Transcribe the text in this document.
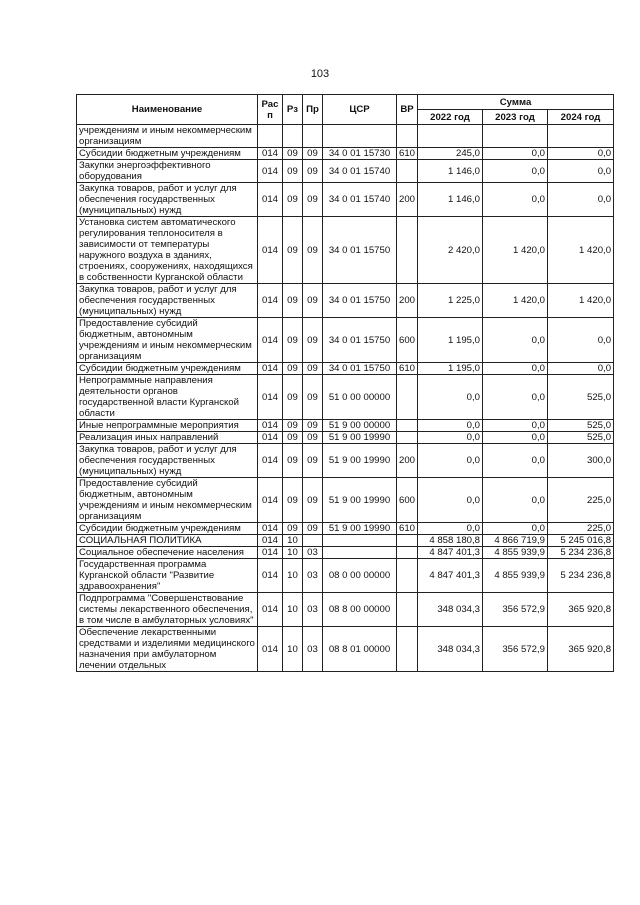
103
Наименование	Рас п	Рз	Пр	ЦСР	ВР	Сумма		
						2022 год	2023 год	2024 год
учреждениям и иным некоммерческим организациям								
Субсидии бюджетным учреждениям	014	09	09	34 0 01 15730	610	245,0	0,0	0,0
Закупки энергоэффективного оборудования	014	09	09	34 0 01 15740		1 146,0	0,0	0,0
Закупка товаров, работ и услуг для обеспечения государственных (муниципальных) нужд	014	09	09	34 0 01 15740	200	1 146,0	0,0	0,0
Установка систем автоматического регулирования теплоносителя в зависимости от температуры наружного воздуха в зданиях, строениях, сооружениях, находящихся в собственности Курганской области	014	09	09	34 0 01 15750		2 420,0	1 420,0	1 420,0
Закупка товаров, работ и услуг для обеспечения государственных (муниципальных) нужд	014	09	09	34 0 01 15750	200	1 225,0	1 420,0	1 420,0
Предоставление субсидий бюджетным, автономным учреждениям и иным некоммерческим организациям	014	09	09	34 0 01 15750	600	1 195,0	0,0	0,0
Субсидии бюджетным учреждениям	014	09	09	34 0 01 15750	610	1 195,0	0,0	0,0
Непрограммные направления деятельности органов государственной власти Курганской области	014	09	09	51 0 00 00000		0,0	0,0	525,0
Иные непрограммные мероприятия	014	09	09	51 9 00 00000		0,0	0,0	525,0
Реализация иных направлений	014	09	09	51 9 00 19990		0,0	0,0	525,0
Закупка товаров, работ и услуг для обеспечения государственных (муниципальных) нужд	014	09	09	51 9 00 19990	200	0,0	0,0	300,0
Предоставление субсидий бюджетным, автономным учреждениям и иным некоммерческим организациям	014	09	09	51 9 00 19990	600	0,0	0,0	225,0
Субсидии бюджетным учреждениям	014	09	09	51 9 00 19990	610	0,0	0,0	225,0
СОЦИАЛЬНАЯ ПОЛИТИКА	014	10				4 858 180,8	4 866 719,9	5 245 016,8
Социальное обеспечение населения	014	10	03			4 847 401,3	4 855 939,9	5 234 236,8
Государственная программа Курганской области "Развитие здравоохранения"	014	10	03	08 0 00 00000		4 847 401,3	4 855 939,9	5 234 236,8
Подпрограмма "Совершенствование системы лекарственного обеспечения, в том числе в амбулаторных условиях"	014	10	03	08 8 00 00000		348 034,3	356 572,9	365 920,8
Обеспечение лекарственными средствами и изделиями медицинского назначения при амбулаторном лечении отдельных	014	10	03	08 8 01 00000		348 034,3	356 572,9	365 920,8
